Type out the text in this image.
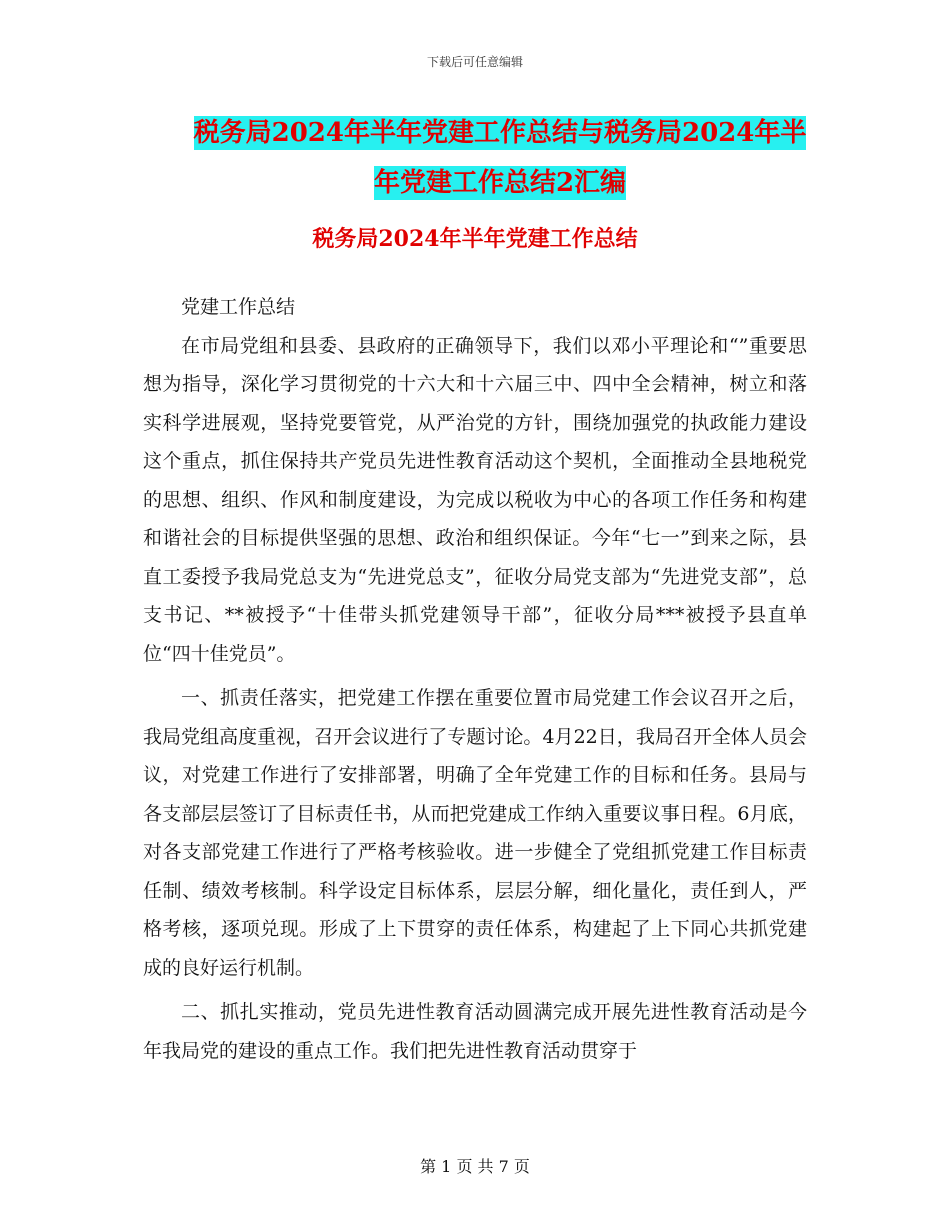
下载后可任意编辑
税务局2024年半年党建工作总结与税务局2024年半
年党建工作总结2汇编
税务局2024年半年党建工作总结

党建工作总结

在市局党组和县委、县政府的正确领导下，我们以邓小平理论和“”重要思想为指导，深化学习贯彻党的十六大和十六届三中、四中全会精神，树立和落实科学进展观，坚持党要管党，从严治党的方针，围绕加强党的执政能力建设这个重点，抓住保持共产党员先进性教育活动这个契机，全面推动全县地税党的思想、组织、作风和制度建设，为完成以税收为中心的各项工作任务和构建和谐社会的目标提供坚强的思想、政治和组织保证。今年“七一”到来之际，县直工委授予我局党总支为“先进党总支”，征收分局党支部为“先进党支部”，总支书记、**被授予“十佳带头抓党建领导干部”，征收分局***被授予县直单位“四十佳党员”。

一、抓责任落实，把党建工作摆在重要位置市局党建工作会议召开之后，我局党组高度重视，召开会议进行了专题讨论。4月22日，我局召开全体人员会议，对党建工作进行了安排部署，明确了全年党建工作的目标和任务。县局与各支部层层签订了目标责任书，从而把党建成工作纳入重要议事日程。6月底，对各支部党建工作进行了严格考核验收。进一步健全了党组抓党建工作目标责任制、绩效考核制。科学设定目标体系，层层分解，细化量化，责任到人，严格考核，逐项兑现。形成了上下贯穿的责任体系，构建起了上下同心共抓党建成的良好运行机制。

二、抓扎实推动，党员先进性教育活动圆满完成开展先进性教育活动是今年我局党的建设的重点工作。我们把先进性教育活动贯穿于

第 1 页 共 7 页
